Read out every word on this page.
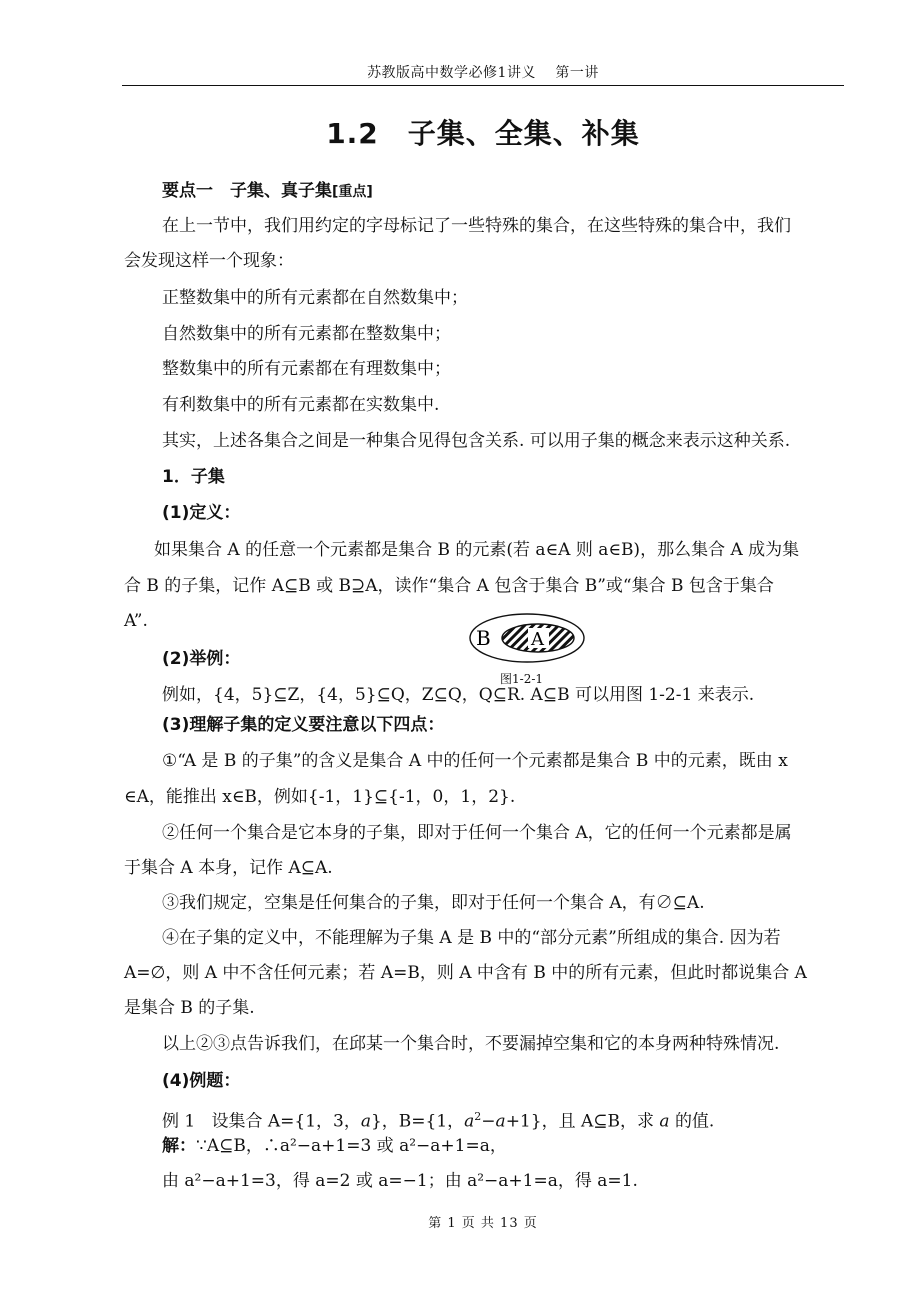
苏教版高中数学必修1讲义　 第一讲
1.2　子集、全集、补集
要点一　子集、真子集[重点]
在上一节中，我们用约定的字母标记了一些特殊的集合，在这些特殊的集合中，我们
会发现这样一个现象：
正整数集中的所有元素都在自然数集中；
自然数集中的所有元素都在整数集中；
整数集中的所有元素都在有理数集中；
有利数集中的所有元素都在实数集中.
其实，上述各集合之间是一种集合见得包含关系. 可以用子集的概念来表示这种关系.
1．子集
(1)定义：
如果集合 A 的任意一个元素都是集合 B 的元素(若 a∈A 则 a∈B)，那么集合 A 成为集
合 B 的子集，记作 A⊆B 或 B⊇A，读作“集合 A 包含于集合 B”或“集合 B 包含于集合
A”.
B A
(2)举例：
图1-2-1
例如，{4，5}⊆Z，{4，5}⊆Q，Z⊆Q，Q⊆R. A⊆B 可以用图 1-2-1 来表示.
(3)理解子集的定义要注意以下四点：
①“A 是 B 的子集”的含义是集合 A 中的任何一个元素都是集合 B 中的元素，既由 x
∈A，能推出 x∈B，例如{-1，1}⊆{-1，0，1，2}.
②任何一个集合是它本身的子集，即对于任何一个集合 A，它的任何一个元素都是属
于集合 A 本身，记作 A⊆A.
③我们规定，空集是任何集合的子集，即对于任何一个集合 A，有∅⊆A.
④在子集的定义中，不能理解为子集 A 是 B 中的“部分元素”所组成的集合. 因为若
A=∅，则 A 中不含任何元素；若 A=B，则 A 中含有 B 中的所有元素，但此时都说集合 A
是集合 B 的子集.
以上②③点告诉我们，在邱某一个集合时，不要漏掉空集和它的本身两种特殊情况.
(4)例题：
例 1 设集合 A={1，3，a}，B={1，$a^2-a+1$}，且 A⊆B，求 a 的值.
解：∵A⊆B，∴a²−a+1=3 或 a²−a+1=a，
由 a²−a+1=3，得 a=2 或 a=−1；由 a²−a+1=a，得 a=1.
第 1 页 共 13 页
